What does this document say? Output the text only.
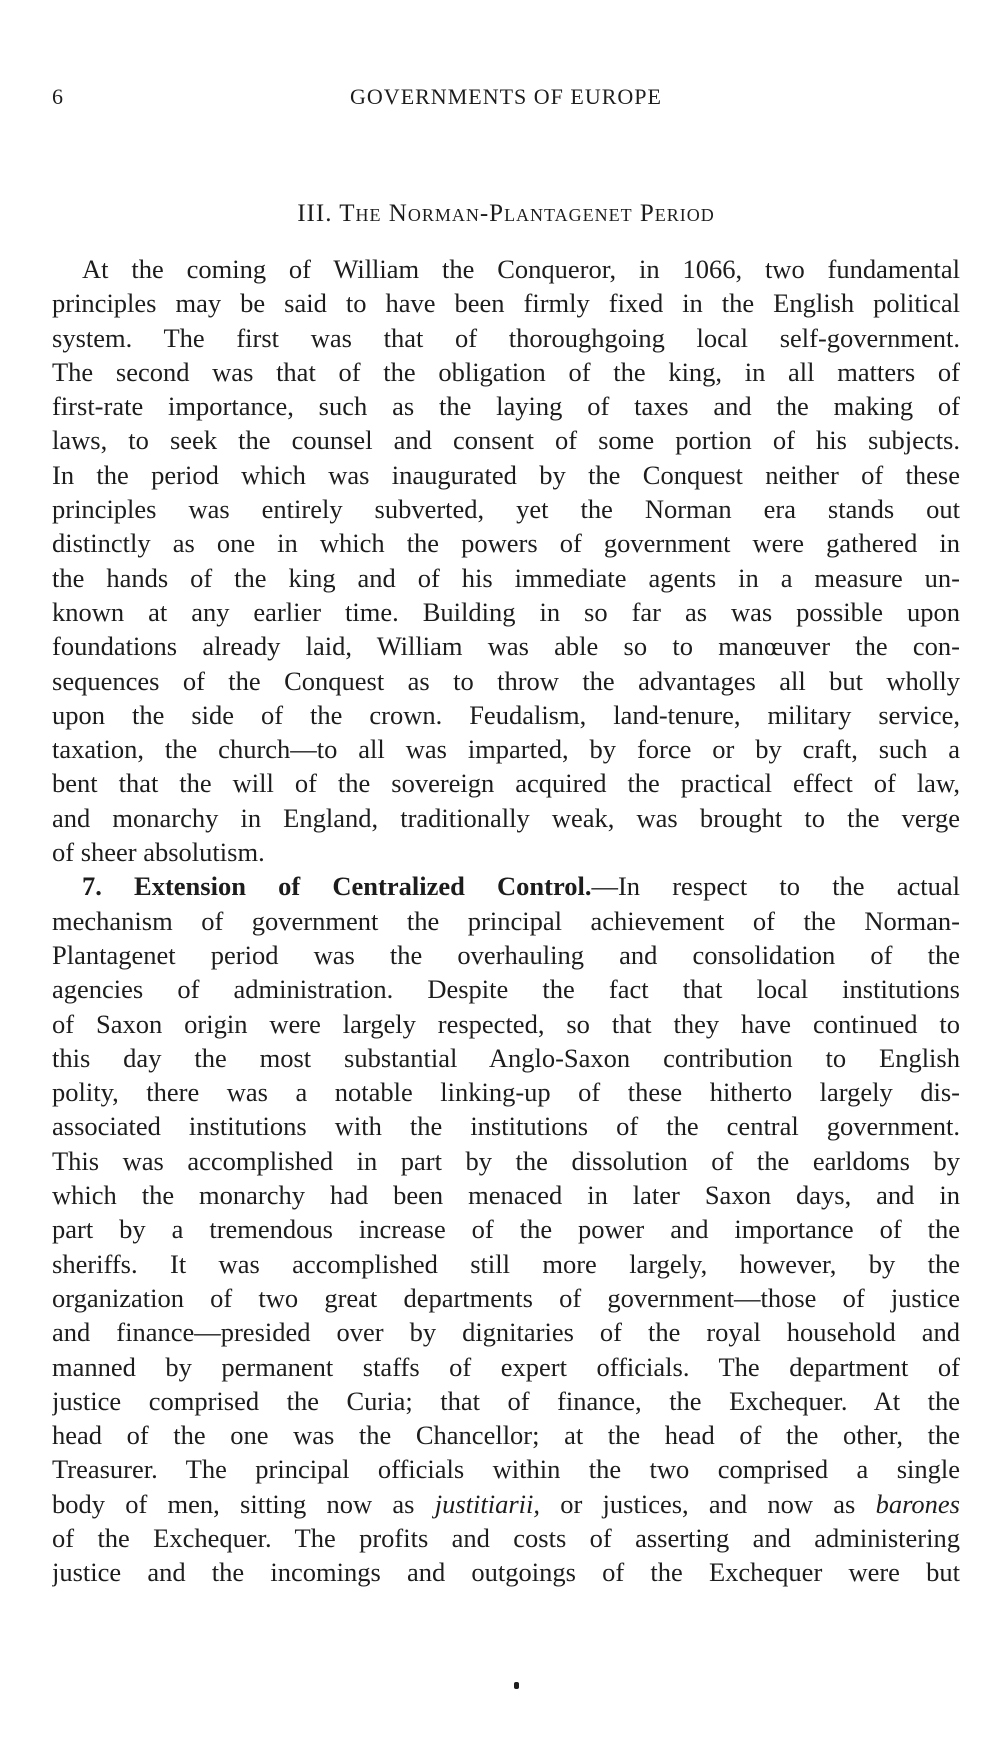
6	GOVERNMENTS OF EUROPE
III. The Norman-Plantagenet Period
At the coming of William the Conqueror, in 1066, two fundamental
principles may be said to have been firmly fixed in the English political
system. The first was that of thoroughgoing local self-government.
The second was that of the obligation of the king, in all matters of
first-rate importance, such as the laying of taxes and the making of
laws, to seek the counsel and consent of some portion of his subjects.
In the period which was inaugurated by the Conquest neither of these
principles was entirely subverted, yet the Norman era stands out
distinctly as one in which the powers of government were gathered in
the hands of the king and of his immediate agents in a measure un-
known at any earlier time. Building in so far as was possible upon
foundations already laid, William was able so to manœuver the con-
sequences of the Conquest as to throw the advantages all but wholly
upon the side of the crown. Feudalism, land-tenure, military service,
taxation, the church—to all was imparted, by force or by craft, such a
bent that the will of the sovereign acquired the practical effect of law,
and monarchy in England, traditionally weak, was brought to the verge
of sheer absolutism.
7. Extension of Centralized Control.—In respect to the actual
mechanism of government the principal achievement of the Norman-
Plantagenet period was the overhauling and consolidation of the
agencies of administration. Despite the fact that local institutions
of Saxon origin were largely respected, so that they have continued to
this day the most substantial Anglo-Saxon contribution to English
polity, there was a notable linking-up of these hitherto largely dis-
associated institutions with the institutions of the central government.
This was accomplished in part by the dissolution of the earldoms by
which the monarchy had been menaced in later Saxon days, and in
part by a tremendous increase of the power and importance of the
sheriffs. It was accomplished still more largely, however, by the
organization of two great departments of government—those of justice
and finance—presided over by dignitaries of the royal household and
manned by permanent staffs of expert officials. The department of
justice comprised the Curia; that of finance, the Exchequer. At the
head of the one was the Chancellor; at the head of the other, the
Treasurer. The principal officials within the two comprised a single
body of men, sitting now as justitiarii, or justices, and now as barones
of the Exchequer. The profits and costs of asserting and administering
justice and the incomings and outgoings of the Exchequer were but
